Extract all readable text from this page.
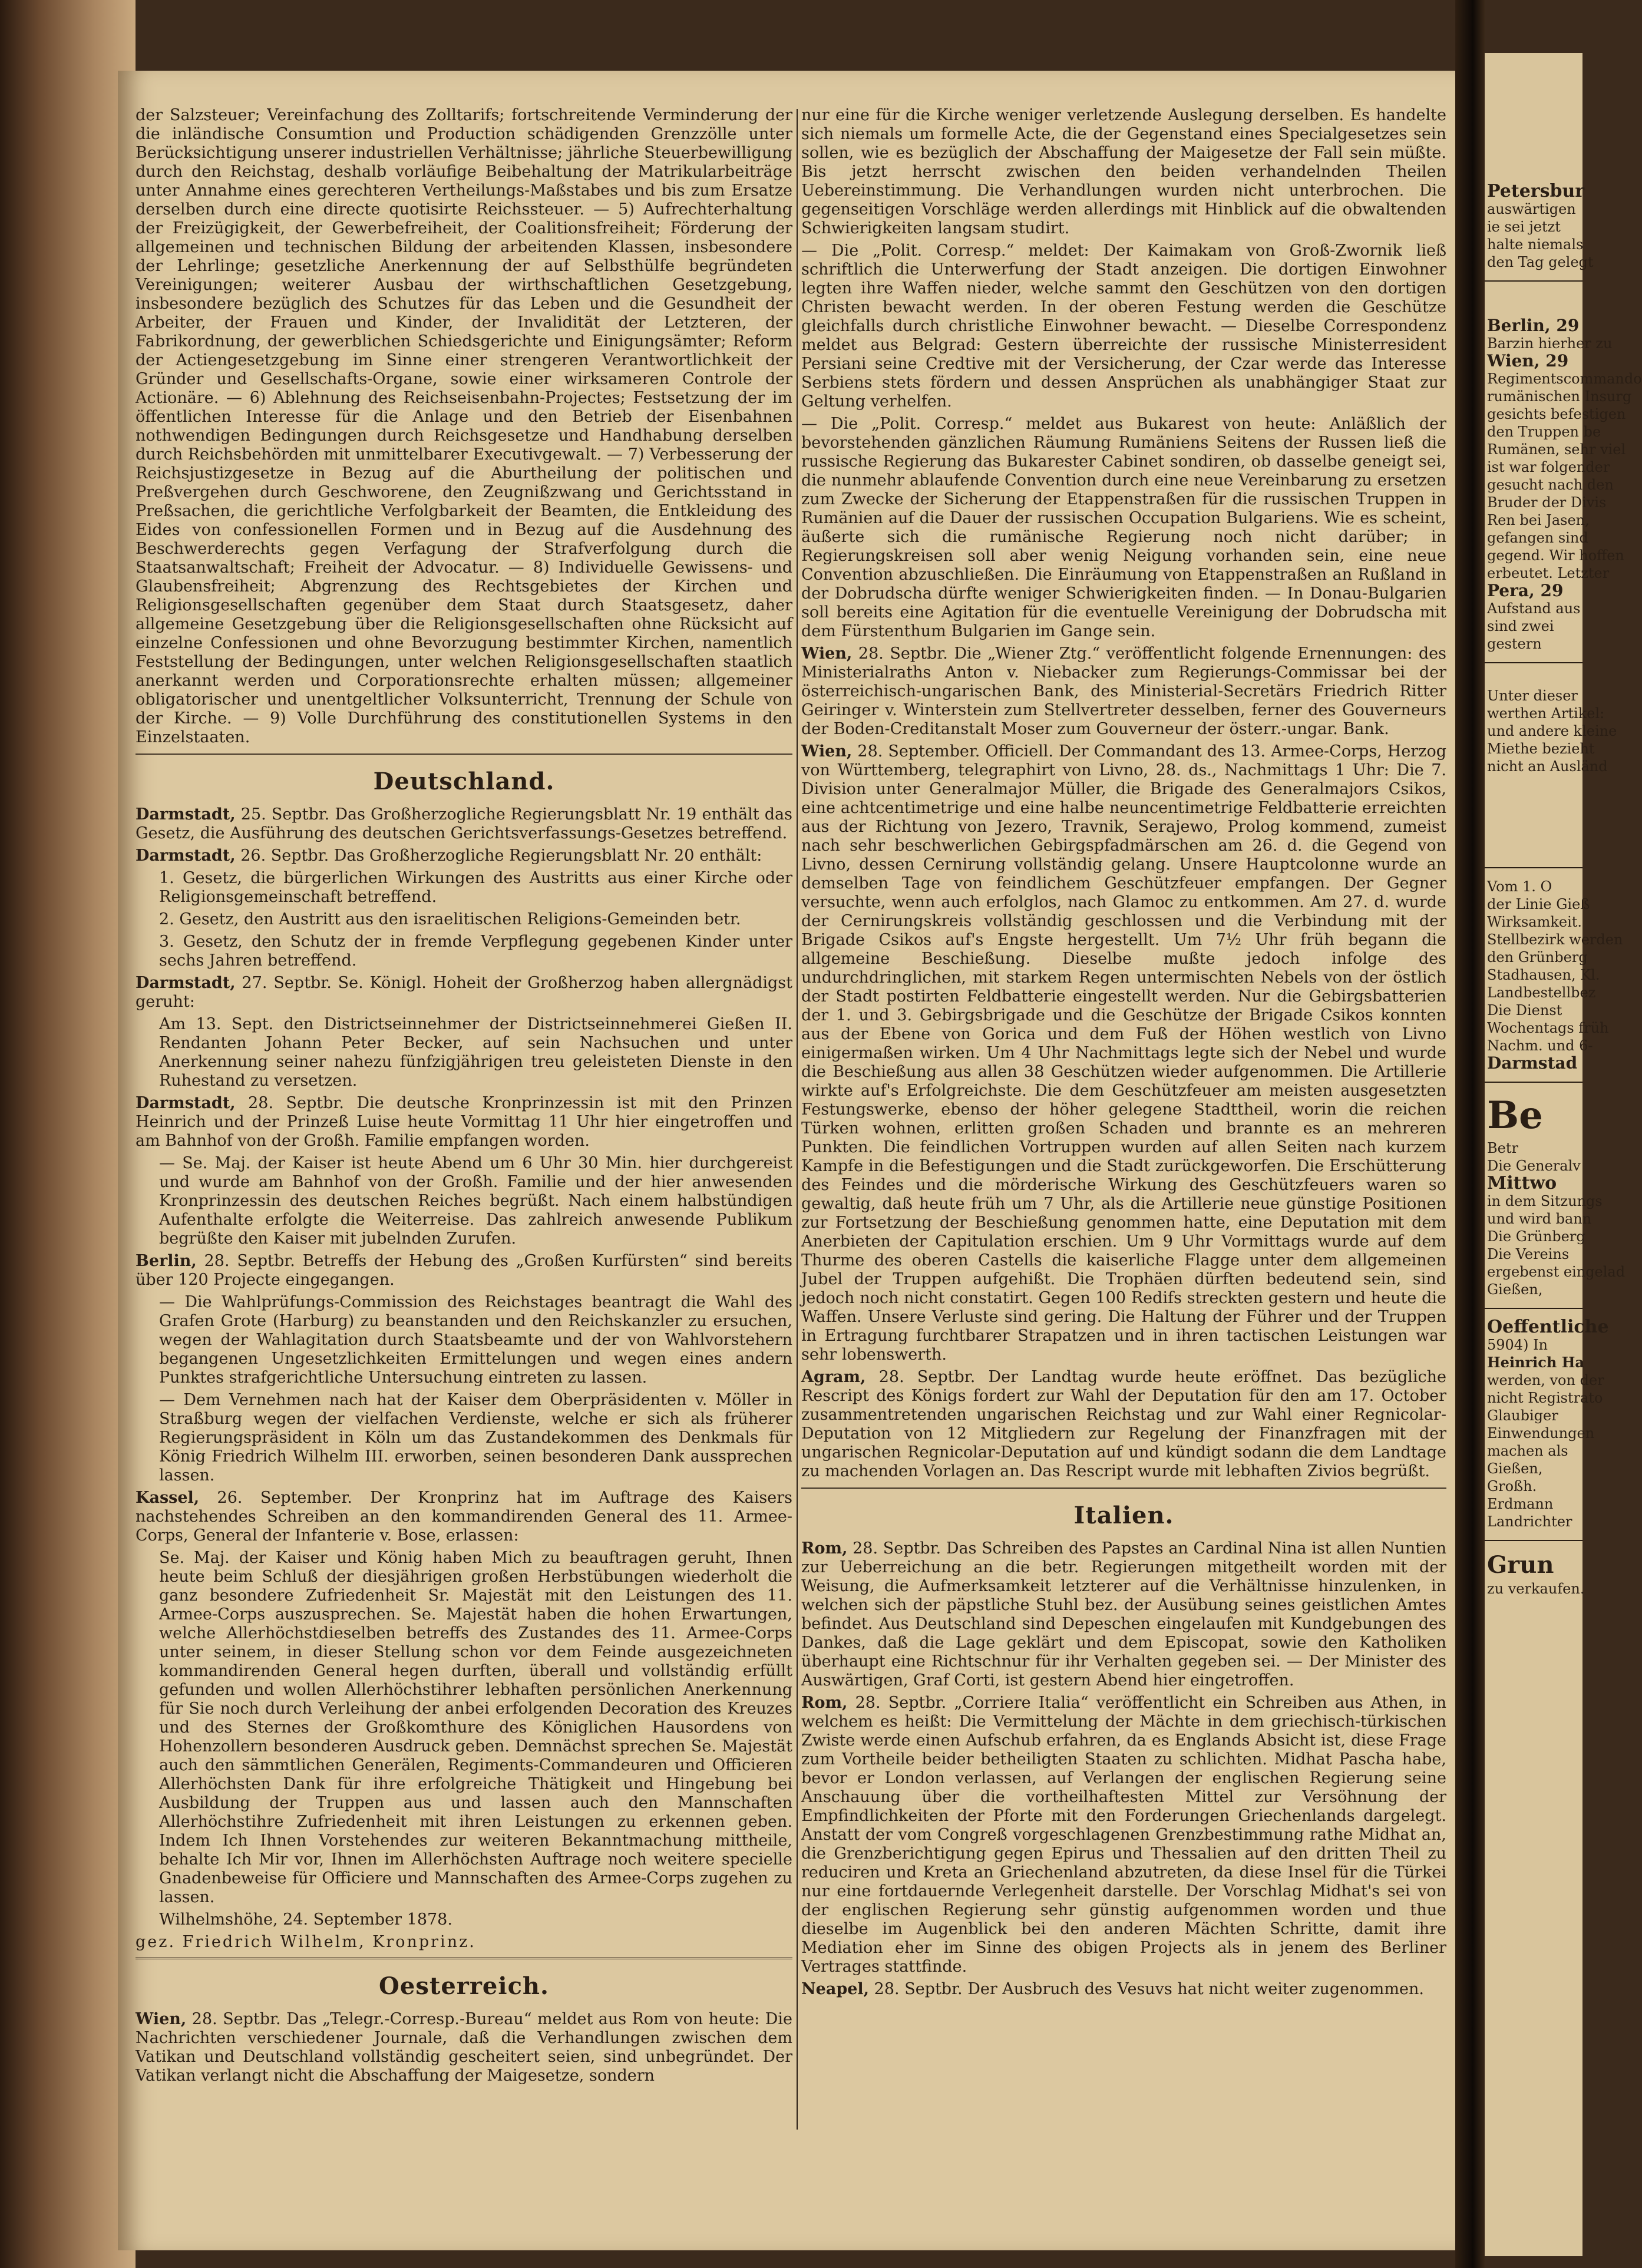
der Salzsteuer; Vereinfachung des Zolltarifs; fortschreitende Verminderung der die inländische Consumtion und Production schädigenden Grenzzölle unter Berücksichtigung unserer industriellen Verhältnisse; jährliche Steuerbewilligung durch den Reichstag, deshalb vorläufige Beibehaltung der Matrikularbeiträge unter Annahme eines gerechteren Vertheilungs-Maßstabes und bis zum Ersatze derselben durch eine directe quotisirte Reichssteuer. — 5) Aufrechterhaltung der Freizügigkeit, der Gewerbefreiheit, der Coalitionsfreiheit; Förderung der allgemeinen und technischen Bildung der arbeitenden Klassen, insbesondere der Lehrlinge; gesetzliche Anerkennung der auf Selbsthülfe begründeten Vereinigungen; weiterer Ausbau der wirthschaftlichen Gesetzgebung, insbesondere bezüglich des Schutzes für das Leben und die Gesundheit der Arbeiter, der Frauen und Kinder, der Invalidität der Letzteren, der Fabrikordnung, der gewerblichen Schiedsgerichte und Einigungsämter; Reform der Actiengesetzgebung im Sinne einer strengeren Verantwortlichkeit der Gründer und Gesellschafts-Organe, sowie einer wirksameren Controle der Actionäre. — 6) Ablehnung des Reichseisenbahn-Projectes; Festsetzung der im öffentlichen Interesse für die Anlage und den Betrieb der Eisenbahnen nothwendigen Bedingungen durch Reichsgesetze und Handhabung derselben durch Reichsbehörden mit unmittelbarer Executivgewalt. — 7) Verbesserung der Reichsjustizgesetze in Bezug auf die Aburtheilung der politischen und Preßvergehen durch Geschworene, den Zeugnißzwang und Gerichtsstand in Preßsachen, die gerichtliche Verfolgbarkeit der Beamten, die Entkleidung des Eides von confessionellen Formen und in Bezug auf die Ausdehnung des Beschwerderechts gegen Verfagung der Strafverfolgung durch die Staatsanwaltschaft; Freiheit der Advocatur. — 8) Individuelle Gewissens- und Glaubensfreiheit; Abgrenzung des Rechtsgebietes der Kirchen und Religionsgesellschaften gegenüber dem Staat durch Staatsgesetz, daher allgemeine Gesetzgebung über die Religionsgesellschaften ohne Rücksicht auf einzelne Confessionen und ohne Bevorzugung bestimmter Kirchen, namentlich Feststellung der Bedingungen, unter welchen Religionsgesellschaften staatlich anerkannt werden und Corporationsrechte erhalten müssen; allgemeiner obligatorischer und unentgeltlicher Volksunterricht, Trennung der Schule von der Kirche. — 9) Volle Durchführung des constitutionellen Systems in den Einzelstaaten.

Deutschland.

Darmstadt, 25. Septbr. Das Großherzogliche Regierungsblatt Nr. 19 enthält das Gesetz, die Ausführung des deutschen Gerichtsverfassungs-Gesetzes betreffend.

Darmstadt, 26. Septbr. Das Großherzogliche Regierungsblatt Nr. 20 enthält:

1. Gesetz, die bürgerlichen Wirkungen des Austritts aus einer Kirche oder Religionsgemeinschaft betreffend.

2. Gesetz, den Austritt aus den israelitischen Religions-Gemeinden betr.

3. Gesetz, den Schutz der in fremde Verpflegung gegebenen Kinder unter sechs Jahren betreffend.

Darmstadt, 27. Septbr. Se. Königl. Hoheit der Großherzog haben allergnädigst geruht:

Am 13. Sept. den Districtseinnehmer der Districtseinnehmerei Gießen II. Rendanten Johann Peter Becker, auf sein Nachsuchen und unter Anerkennung seiner nahezu fünfzigjährigen treu geleisteten Dienste in den Ruhestand zu versetzen.

Darmstadt, 28. Septbr. Die deutsche Kronprinzessin ist mit den Prinzen Heinrich und der Prinzeß Luise heute Vormittag 11 Uhr hier eingetroffen und am Bahnhof von der Großh. Familie empfangen worden.

— Se. Maj. der Kaiser ist heute Abend um 6 Uhr 30 Min. hier durchgereist und wurde am Bahnhof von der Großh. Familie und der hier anwesenden Kronprinzessin des deutschen Reiches begrüßt. Nach einem halbstündigen Aufenthalte erfolgte die Weiterreise. Das zahlreich anwesende Publikum begrüßte den Kaiser mit jubelnden Zurufen.

Berlin, 28. Septbr. Betreffs der Hebung des „Großen Kurfürsten“ sind bereits über 120 Projecte eingegangen.

— Die Wahlprüfungs-Commission des Reichstages beantragt die Wahl des Grafen Grote (Harburg) zu beanstanden und den Reichskanzler zu ersuchen, wegen der Wahlagitation durch Staatsbeamte und der von Wahlvorstehern begangenen Ungesetzlichkeiten Ermittelungen und wegen eines andern Punktes strafgerichtliche Untersuchung eintreten zu lassen.

— Dem Vernehmen nach hat der Kaiser dem Oberpräsidenten v. Möller in Straßburg wegen der vielfachen Verdienste, welche er sich als früherer Regierungspräsident in Köln um das Zustandekommen des Denkmals für König Friedrich Wilhelm III. erworben, seinen besonderen Dank aussprechen lassen.

Kassel, 26. September. Der Kronprinz hat im Auftrage des Kaisers nachstehendes Schreiben an den kommandirenden General des 11. Armee-Corps, General der Infanterie v. Bose, erlassen:

Se. Maj. der Kaiser und König haben Mich zu beauftragen geruht, Ihnen heute beim Schluß der diesjährigen großen Herbstübungen wiederholt die ganz besondere Zufriedenheit Sr. Majestät mit den Leistungen des 11. Armee-Corps auszusprechen. Se. Majestät haben die hohen Erwartungen, welche Allerhöchstdieselben betreffs des Zustandes des 11. Armee-Corps unter seinem, in dieser Stellung schon vor dem Feinde ausgezeichneten kommandirenden General hegen durften, überall und vollständig erfüllt gefunden und wollen Allerhöchstihrer lebhaften persönlichen Anerkennung für Sie noch durch Verleihung der anbei erfolgenden Decoration des Kreuzes und des Sternes der Großkomthure des Königlichen Hausordens von Hohenzollern besonderen Ausdruck geben. Demnächst sprechen Se. Majestät auch den sämmtlichen Generälen, Regiments-Commandeuren und Officieren Allerhöchsten Dank für ihre erfolgreiche Thätigkeit und Hingebung bei Ausbildung der Truppen aus und lassen auch den Mannschaften Allerhöchstihre Zufriedenheit mit ihren Leistungen zu erkennen geben. Indem Ich Ihnen Vorstehendes zur weiteren Bekanntmachung mittheile, behalte Ich Mir vor, Ihnen im Allerhöchsten Auftrage noch weitere specielle Gnadenbeweise für Officiere und Mannschaften des Armee-Corps zugehen zu lassen.

Wilhelmshöhe, 24. September 1878.

gez. Friedrich Wilhelm, Kronprinz.

Oesterreich.

Wien, 28. Septbr. Das „Telegr.-Corresp.-Bureau“ meldet aus Rom von heute: Die Nachrichten verschiedener Journale, daß die Verhandlungen zwischen dem Vatikan und Deutschland vollständig gescheitert seien, sind unbegründet. Der Vatikan verlangt nicht die Abschaffung der Maigesetze, sondern

nur eine für die Kirche weniger verletzende Auslegung derselben. Es handelte sich niemals um formelle Acte, die der Gegenstand eines Specialgesetzes sein sollen, wie es bezüglich der Abschaffung der Maigesetze der Fall sein müßte. Bis jetzt herrscht zwischen den beiden verhandelnden Theilen Uebereinstimmung. Die Verhandlungen wurden nicht unterbrochen. Die gegenseitigen Vorschläge werden allerdings mit Hinblick auf die obwaltenden Schwierigkeiten langsam studirt.

— Die „Polit. Corresp.“ meldet: Der Kaimakam von Groß-Zwornik ließ schriftlich die Unterwerfung der Stadt anzeigen. Die dortigen Einwohner legten ihre Waffen nieder, welche sammt den Geschützen von den dortigen Christen bewacht werden. In der oberen Festung werden die Geschütze gleichfalls durch christliche Einwohner bewacht. — Dieselbe Correspondenz meldet aus Belgrad: Gestern überreichte der russische Ministerresident Persiani seine Credtive mit der Versicherung, der Czar werde das Interesse Serbiens stets fördern und dessen Ansprüchen als unabhängiger Staat zur Geltung verhelfen.

— Die „Polit. Corresp.“ meldet aus Bukarest von heute: Anläßlich der bevorstehenden gänzlichen Räumung Rumäniens Seitens der Russen ließ die russische Regierung das Bukarester Cabinet sondiren, ob dasselbe geneigt sei, die nunmehr ablaufende Convention durch eine neue Vereinbarung zu ersetzen zum Zwecke der Sicherung der Etappenstraßen für die russischen Truppen in Rumänien auf die Dauer der russischen Occupation Bulgariens. Wie es scheint, äußerte sich die rumänische Regierung noch nicht darüber; in Regierungskreisen soll aber wenig Neigung vorhanden sein, eine neue Convention abzuschließen. Die Einräumung von Etappenstraßen an Rußland in der Dobrudscha dürfte weniger Schwierigkeiten finden. — In Donau-Bulgarien soll bereits eine Agitation für die eventuelle Vereinigung der Dobrudscha mit dem Fürstenthum Bulgarien im Gange sein.

Wien, 28. Septbr. Die „Wiener Ztg.“ veröffentlicht folgende Ernennungen: des Ministerialraths Anton v. Niebacker zum Regierungs-Commissar bei der österreichisch-ungarischen Bank, des Ministerial-Secretärs Friedrich Ritter Geiringer v. Winterstein zum Stellvertreter desselben, ferner des Gouverneurs der Boden-Creditanstalt Moser zum Gouverneur der österr.-ungar. Bank.

Wien, 28. September. Officiell. Der Commandant des 13. Armee-Corps, Herzog von Württemberg, telegraphirt von Livno, 28. ds., Nachmittags 1 Uhr: Die 7. Division unter Generalmajor Müller, die Brigade des Generalmajors Csikos, eine achtcentimetrige und eine halbe neuncentimetrige Feldbatterie erreichten aus der Richtung von Jezero, Travnik, Serajewo, Prolog kommend, zumeist nach sehr beschwerlichen Gebirgspfadmärschen am 26. d. die Gegend von Livno, dessen Cernirung vollständig gelang. Unsere Hauptcolonne wurde an demselben Tage von feindlichem Geschützfeuer empfangen. Der Gegner versuchte, wenn auch erfolglos, nach Glamoc zu entkommen. Am 27. d. wurde der Cernirungskreis vollständig geschlossen und die Verbindung mit der Brigade Csikos auf's Engste hergestellt. Um 7½ Uhr früh begann die allgemeine Beschießung. Dieselbe mußte jedoch infolge des undurchdringlichen, mit starkem Regen untermischten Nebels von der östlich der Stadt postirten Feldbatterie eingestellt werden. Nur die Gebirgsbatterien der 1. und 3. Gebirgsbrigade und die Geschütze der Brigade Csikos konnten aus der Ebene von Gorica und dem Fuß der Höhen westlich von Livno einigermaßen wirken. Um 4 Uhr Nachmittags legte sich der Nebel und wurde die Beschießung aus allen 38 Geschützen wieder aufgenommen. Die Artillerie wirkte auf's Erfolgreichste. Die dem Geschützfeuer am meisten ausgesetzten Festungswerke, ebenso der höher gelegene Stadttheil, worin die reichen Türken wohnen, erlitten großen Schaden und brannte es an mehreren Punkten. Die feindlichen Vortruppen wurden auf allen Seiten nach kurzem Kampfe in die Befestigungen und die Stadt zurückgeworfen. Die Erschütterung des Feindes und die mörderische Wirkung des Geschützfeuers waren so gewaltig, daß heute früh um 7 Uhr, als die Artillerie neue günstige Positionen zur Fortsetzung der Beschießung genommen hatte, eine Deputation mit dem Anerbieten der Capitulation erschien. Um 9 Uhr Vormittags wurde auf dem Thurme des oberen Castells die kaiserliche Flagge unter dem allgemeinen Jubel der Truppen aufgehißt. Die Trophäen dürften bedeutend sein, sind jedoch noch nicht constatirt. Gegen 100 Redifs streckten gestern und heute die Waffen. Unsere Verluste sind gering. Die Haltung der Führer und der Truppen in Ertragung furchtbarer Strapatzen und in ihren tactischen Leistungen war sehr lobenswerth.

Agram, 28. Septbr. Der Landtag wurde heute eröffnet. Das bezügliche Rescript des Königs fordert zur Wahl der Deputation für den am 17. October zusammentretenden ungarischen Reichstag und zur Wahl einer Regnicolar-Deputation von 12 Mitgliedern zur Regelung der Finanzfragen mit der ungarischen Regnicolar-Deputation auf und kündigt sodann die dem Landtage zu machenden Vorlagen an. Das Rescript wurde mit lebhaften Zivios begrüßt.

Italien.

Rom, 28. Septbr. Das Schreiben des Papstes an Cardinal Nina ist allen Nuntien zur Ueberreichung an die betr. Regierungen mitgetheilt worden mit der Weisung, die Aufmerksamkeit letzterer auf die Verhältnisse hinzulenken, in welchen sich der päpstliche Stuhl bez. der Ausübung seines geistlichen Amtes befindet. Aus Deutschland sind Depeschen eingelaufen mit Kundgebungen des Dankes, daß die Lage geklärt und dem Episcopat, sowie den Katholiken überhaupt eine Richtschnur für ihr Verhalten gegeben sei. — Der Minister des Auswärtigen, Graf Corti, ist gestern Abend hier eingetroffen.

Rom, 28. Septbr. „Corriere Italia“ veröffentlicht ein Schreiben aus Athen, in welchem es heißt: Die Vermittelung der Mächte in dem griechisch-türkischen Zwiste werde einen Aufschub erfahren, da es Englands Absicht ist, diese Frage zum Vortheile beider betheiligten Staaten zu schlichten. Midhat Pascha habe, bevor er London verlassen, auf Verlangen der englischen Regierung seine Anschauung über die vortheilhaftesten Mittel zur Versöhnung der Empfindlichkeiten der Pforte mit den Forderungen Griechenlands dargelegt. Anstatt der vom Congreß vorgeschlagenen Grenzbestimmung rathe Midhat an, die Grenzberichtigung gegen Epirus und Thessalien auf den dritten Theil zu reduciren und Kreta an Griechenland abzutreten, da diese Insel für die Türkei nur eine fortdauernde Verlegenheit darstelle. Der Vorschlag Midhat's sei von der englischen Regierung sehr günstig aufgenommen worden und thue dieselbe im Augenblick bei den anderen Mächten Schritte, damit ihre Mediation eher im Sinne des obigen Projects als in jenem des Berliner Vertrages stattfinde.

Neapel, 28. Septbr. Der Ausbruch des Vesuvs hat nicht weiter zugenommen.

Petersbur

auswärtigen

ie sei jetzt

halte niemals

den Tag gelegt

Berlin, 29

Barzin hierher zu

Wien, 29

Regimentscommando

rumänischen Insurg

gesichts befestigen

den Truppen be

Rumänen, sehr viel

ist war folgender

gesucht nach den

Bruder der Divis

Ren bei Jasen,

gefangen sind

gegend. Wir hoffen

erbeutet. Letzter

Pera, 29

Aufstand aus

sind zwei

gestern

Unter dieser

werthen Artikel:

und andere kleine

Miethe bezieht

nicht an Ausländ

Vom 1. O

der Linie Gieß

Wirksamkeit.

Stellbezirk werden

den Grünberg

Stadhausen, Kl.

Landbestellbez

Die Dienst

Wochentags früh

Nachm. und 6-

Darmstad

Be

Betr

Die Generalv

Mittwo

in dem Sitzungs

und wird bann

Die Grünberg

Die Vereins

ergebenst eingelad

Gießen,

Oeffentliche

5904) In

Heinrich Ha

werden, von der

nicht Registrato

Glaubiger

Einwendungen

machen als

Gießen,

Großh.

Erdmann

Landrichter

Grun

zu verkaufen.
